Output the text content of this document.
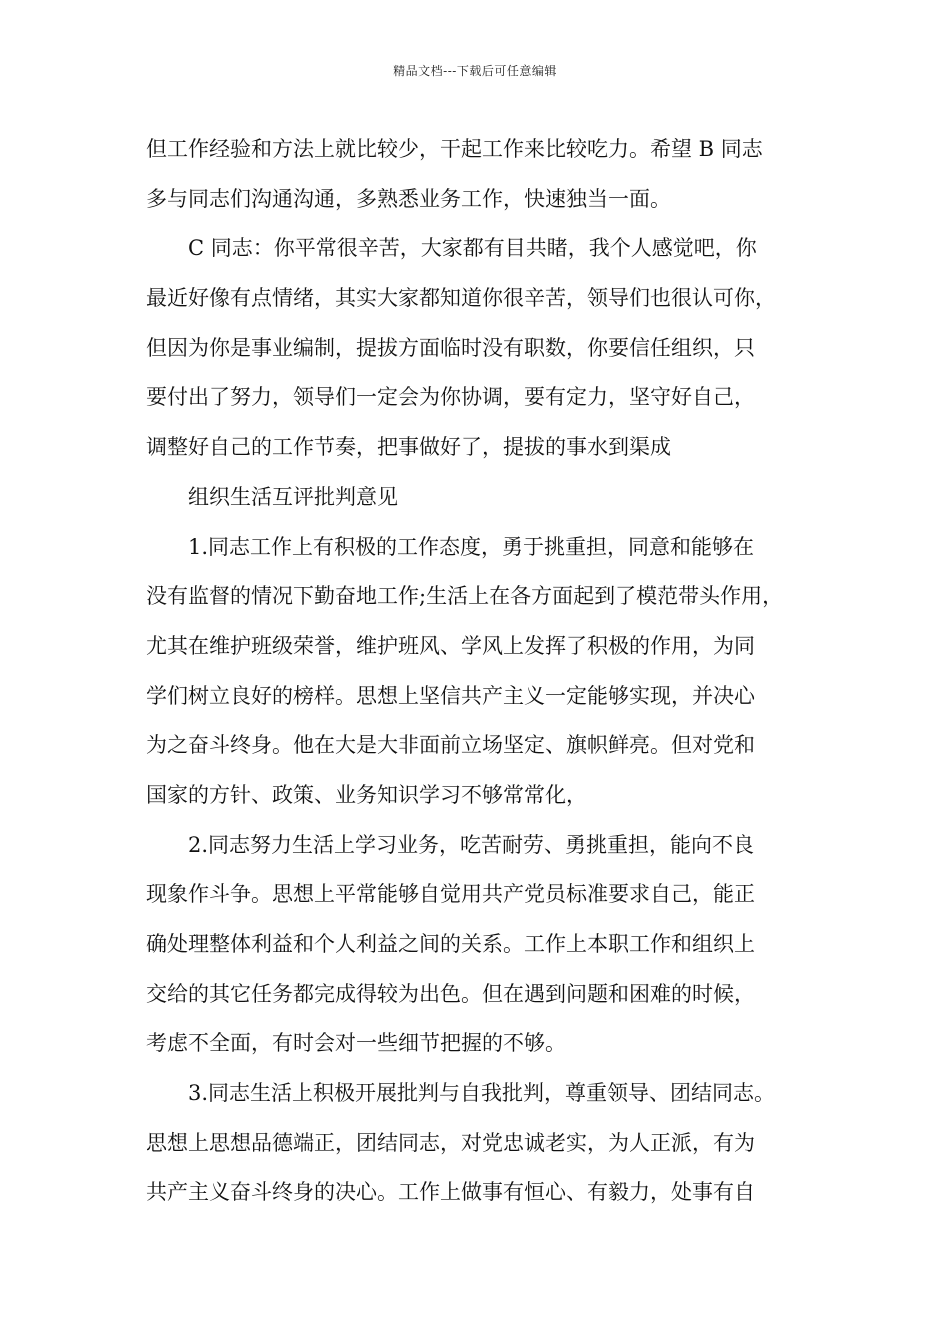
精品文档---下载后可任意编辑
但工作经验和方法上就比较少，干起工作来比较吃力。希望 B 同志
多与同志们沟通沟通，多熟悉业务工作，快速独当一面。
C 同志：你平常很辛苦，大家都有目共睹，我个人感觉吧，你
最近好像有点情绪，其实大家都知道你很辛苦，领导们也很认可你，
但因为你是事业编制，提拔方面临时没有职数，你要信任组织，只
要付出了努力，领导们一定会为你协调，要有定力，坚守好自己，
调整好自己的工作节奏，把事做好了，提拔的事水到渠成
组织生活互评批判意见
1.同志工作上有积极的工作态度，勇于挑重担，同意和能够在
没有监督的情况下勤奋地工作;生活上在各方面起到了模范带头作用，
尤其在维护班级荣誉，维护班风、学风上发挥了积极的作用，为同
学们树立良好的榜样。思想上坚信共产主义一定能够实现，并决心
为之奋斗终身。他在大是大非面前立场坚定、旗帜鲜亮。但对党和
国家的方针、政策、业务知识学习不够常常化，
2.同志努力生活上学习业务，吃苦耐劳、勇挑重担，能向不良
现象作斗争。思想上平常能够自觉用共产党员标准要求自己，能正
确处理整体利益和个人利益之间的关系。工作上本职工作和组织上
交给的其它任务都完成得较为出色。但在遇到问题和困难的时候，
考虑不全面，有时会对一些细节把握的不够。
3.同志生活上积极开展批判与自我批判，尊重领导、团结同志。
思想上思想品德端正，团结同志，对党忠诚老实，为人正派，有为
共产主义奋斗终身的决心。工作上做事有恒心、有毅力，处事有自
